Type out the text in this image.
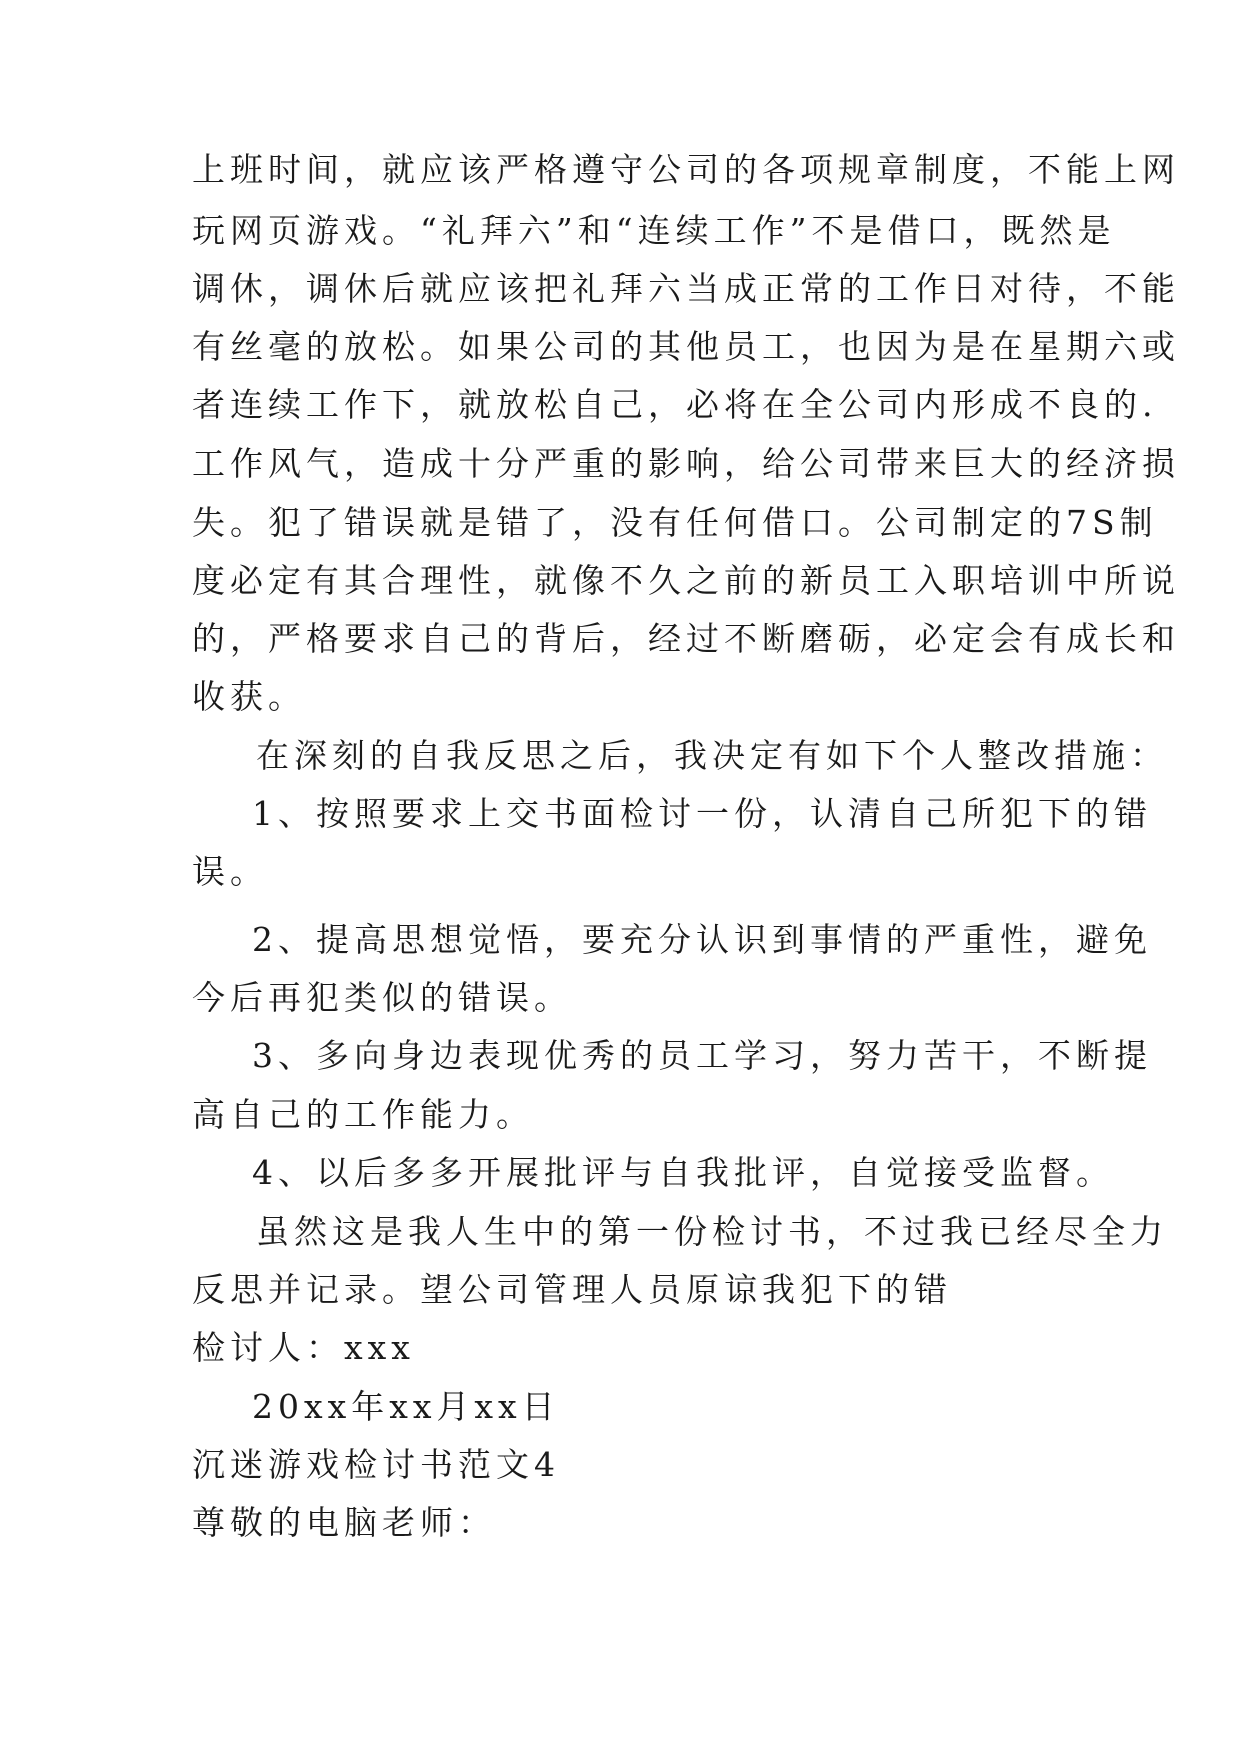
上班时间，就应该严格遵守公司的各项规章制度，不能上网
玩网页游戏。“礼拜六”和“连续工作”不是借口，既然是
调休，调休后就应该把礼拜六当成正常的工作日对待，不能
有丝毫的放松。如果公司的其他员工，也因为是在星期六或
者连续工作下，就放松自己，必将在全公司内形成不良的.
工作风气，造成十分严重的影响，给公司带来巨大的经济损
失。犯了错误就是错了，没有任何借口。公司制定的7S制
度必定有其合理性，就像不久之前的新员工入职培训中所说
的，严格要求自己的背后，经过不断磨砺，必定会有成长和
收获。
在深刻的自我反思之后，我决定有如下个人整改措施：
1、按照要求上交书面检讨一份，认清自己所犯下的错
误。
2、提高思想觉悟，要充分认识到事情的严重性，避免
今后再犯类似的错误。
3、多向身边表现优秀的员工学习，努力苦干，不断提
高自己的工作能力。
4、以后多多开展批评与自我批评，自觉接受监督。
虽然这是我人生中的第一份检讨书，不过我已经尽全力
反思并记录。望公司管理人员原谅我犯下的错
检讨人：xxx
20xx年xx月xx日
沉迷游戏检讨书范文4
尊敬的电脑老师：
